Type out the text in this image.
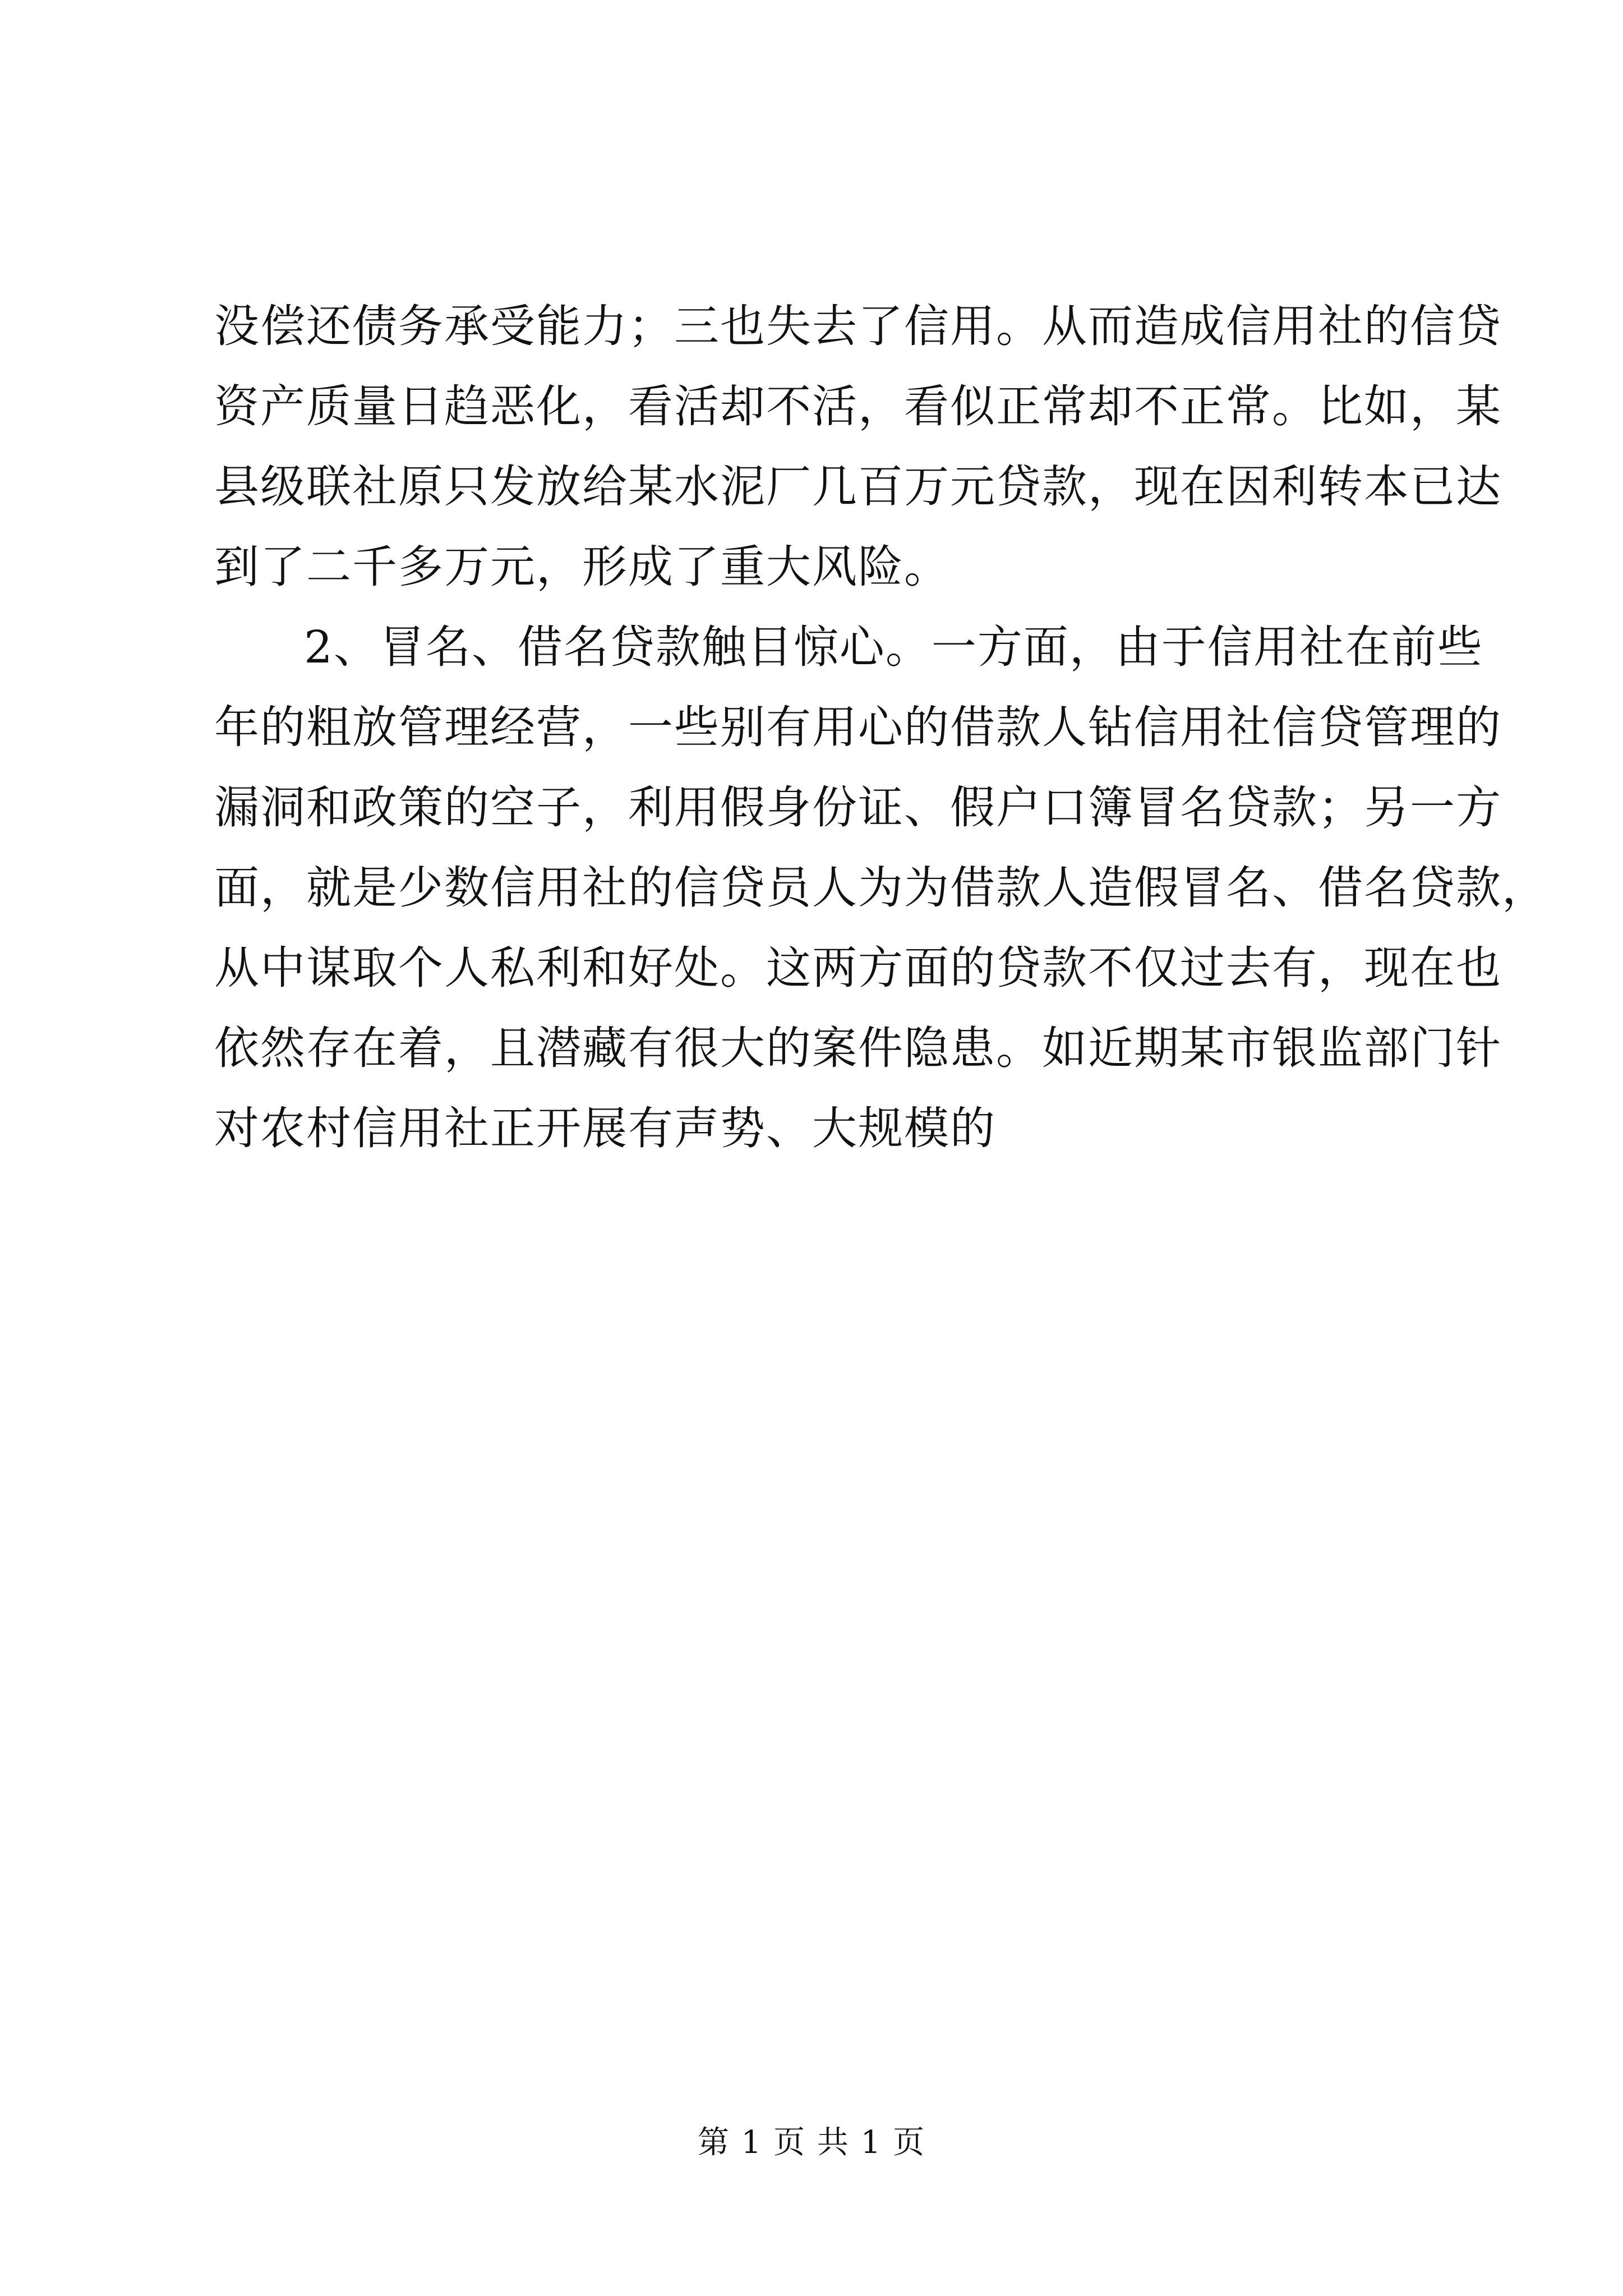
没偿还债务承受能力；三也失去了信用。从而造成信用社的信贷
资产质量日趋恶化，看活却不活，看似正常却不正常。比如，某
县级联社原只发放给某水泥厂几百万元贷款，现在因利转本已达
到了二千多万元，形成了重大风险。
2、冒名、借名贷款触目惊心。一方面，由于信用社在前些
年的粗放管理经营，一些别有用心的借款人钻信用社信贷管理的
漏洞和政策的空子，利用假身份证、假户口簿冒名贷款；另一方
面，就是少数信用社的信贷员人为为借款人造假冒名、借名贷款，
从中谋取个人私利和好处。这两方面的贷款不仅过去有，现在也
依然存在着，且潜藏有很大的案件隐患。如近期某市银监部门针
对农村信用社正开展有声势、大规模的
第 1 页 共 1 页
